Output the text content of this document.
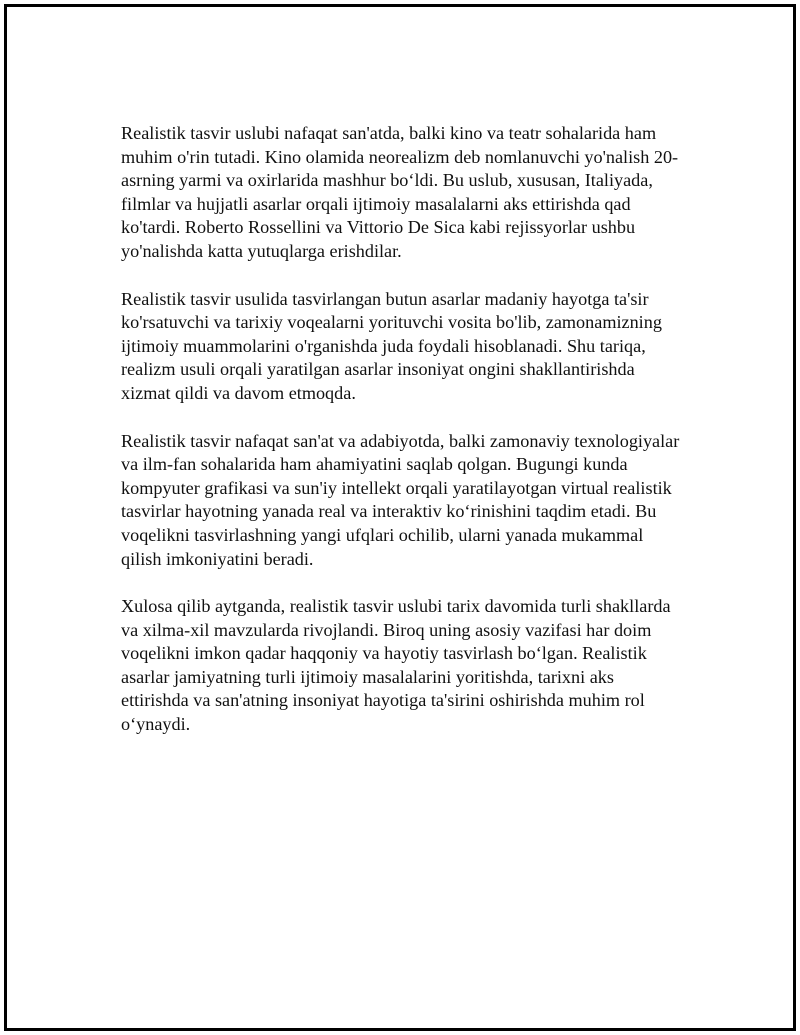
Realistik tasvir uslubi nafaqat san'atda, balki kino va teatr sohalarida ham
muhim o'rin tutadi. Kino olamida neorealizm deb nomlanuvchi yo'nalish 20-
asrning yarmi va oxirlarida mashhur bo‘ldi. Bu uslub, xususan, Italiyada,
filmlar va hujjatli asarlar orqali ijtimoiy masalalarni aks ettirishda qad
ko'tardi. Roberto Rossellini va Vittorio De Sica kabi rejissyorlar ushbu
yo'nalishda katta yutuqlarga erishdilar.

Realistik tasvir usulida tasvirlangan butun asarlar madaniy hayotga ta'sir
ko'rsatuvchi va tarixiy voqealarni yorituvchi vosita bo'lib, zamonamizning
ijtimoiy muammolarini o'rganishda juda foydali hisoblanadi. Shu tariqa,
realizm usuli orqali yaratilgan asarlar insoniyat ongini shakllantirishda
xizmat qildi va davom etmoqda.

Realistik tasvir nafaqat san'at va adabiyotda, balki zamonaviy texnologiyalar
va ilm-fan sohalarida ham ahamiyatini saqlab qolgan. Bugungi kunda
kompyuter grafikasi va sun'iy intellekt orqali yaratilayotgan virtual realistik
tasvirlar hayotning yanada real va interaktiv ko‘rinishini taqdim etadi. Bu
voqelikni tasvirlashning yangi ufqlari ochilib, ularni yanada mukammal
qilish imkoniyatini beradi.

Xulosa qilib aytganda, realistik tasvir uslubi tarix davomida turli shakllarda
va xilma-xil mavzularda rivojlandi. Biroq uning asosiy vazifasi har doim
voqelikni imkon qadar haqqoniy va hayotiy tasvirlash bo‘lgan. Realistik
asarlar jamiyatning turli ijtimoiy masalalarini yoritishda, tarixni aks
ettirishda va san'atning insoniyat hayotiga ta'sirini oshirishda muhim rol
o‘ynaydi.
